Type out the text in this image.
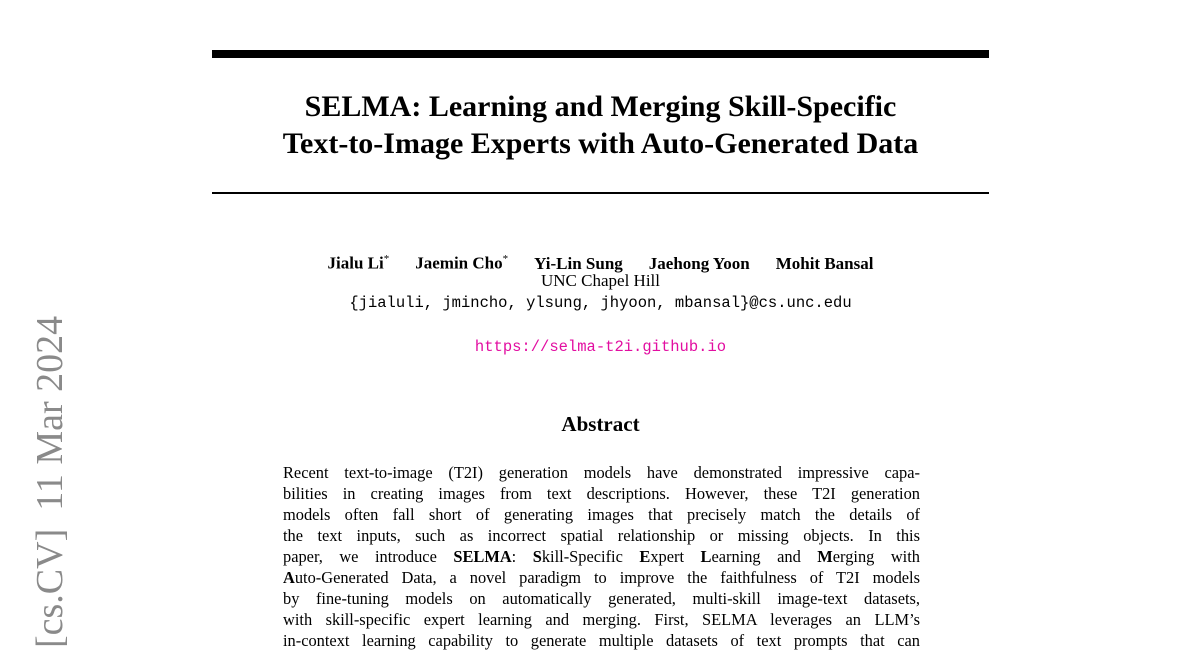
[cs.CV]11 Mar 2024
SELMA: Learning and Merging Skill-Specific
Text-to-Image Experts with Auto-Generated Data
Jialu Li* Jaemin Cho* Yi-Lin Sung Jaehong Yoon Mohit Bansal
UNC Chapel Hill
{jialuli, jmincho, ylsung, jhyoon, mbansal}@cs.unc.edu
https://selma-t2i.github.io
Abstract
Recent text-to-image (T2I) generation models have demonstrated impressive capa-
bilities in creating images from text descriptions. However, these T2I generation
models often fall short of generating images that precisely match the details of
the text inputs, such as incorrect spatial relationship or missing objects. In this
paper, we introduce SELMA: Skill-Specific Expert Learning and Merging with
Auto-Generated Data, a novel paradigm to improve the faithfulness of T2I models
by fine-tuning models on automatically generated, multi-skill image-text datasets,
with skill-specific expert learning and merging. First, SELMA leverages an LLM’s
in-context learning capability to generate multiple datasets of text prompts that can
